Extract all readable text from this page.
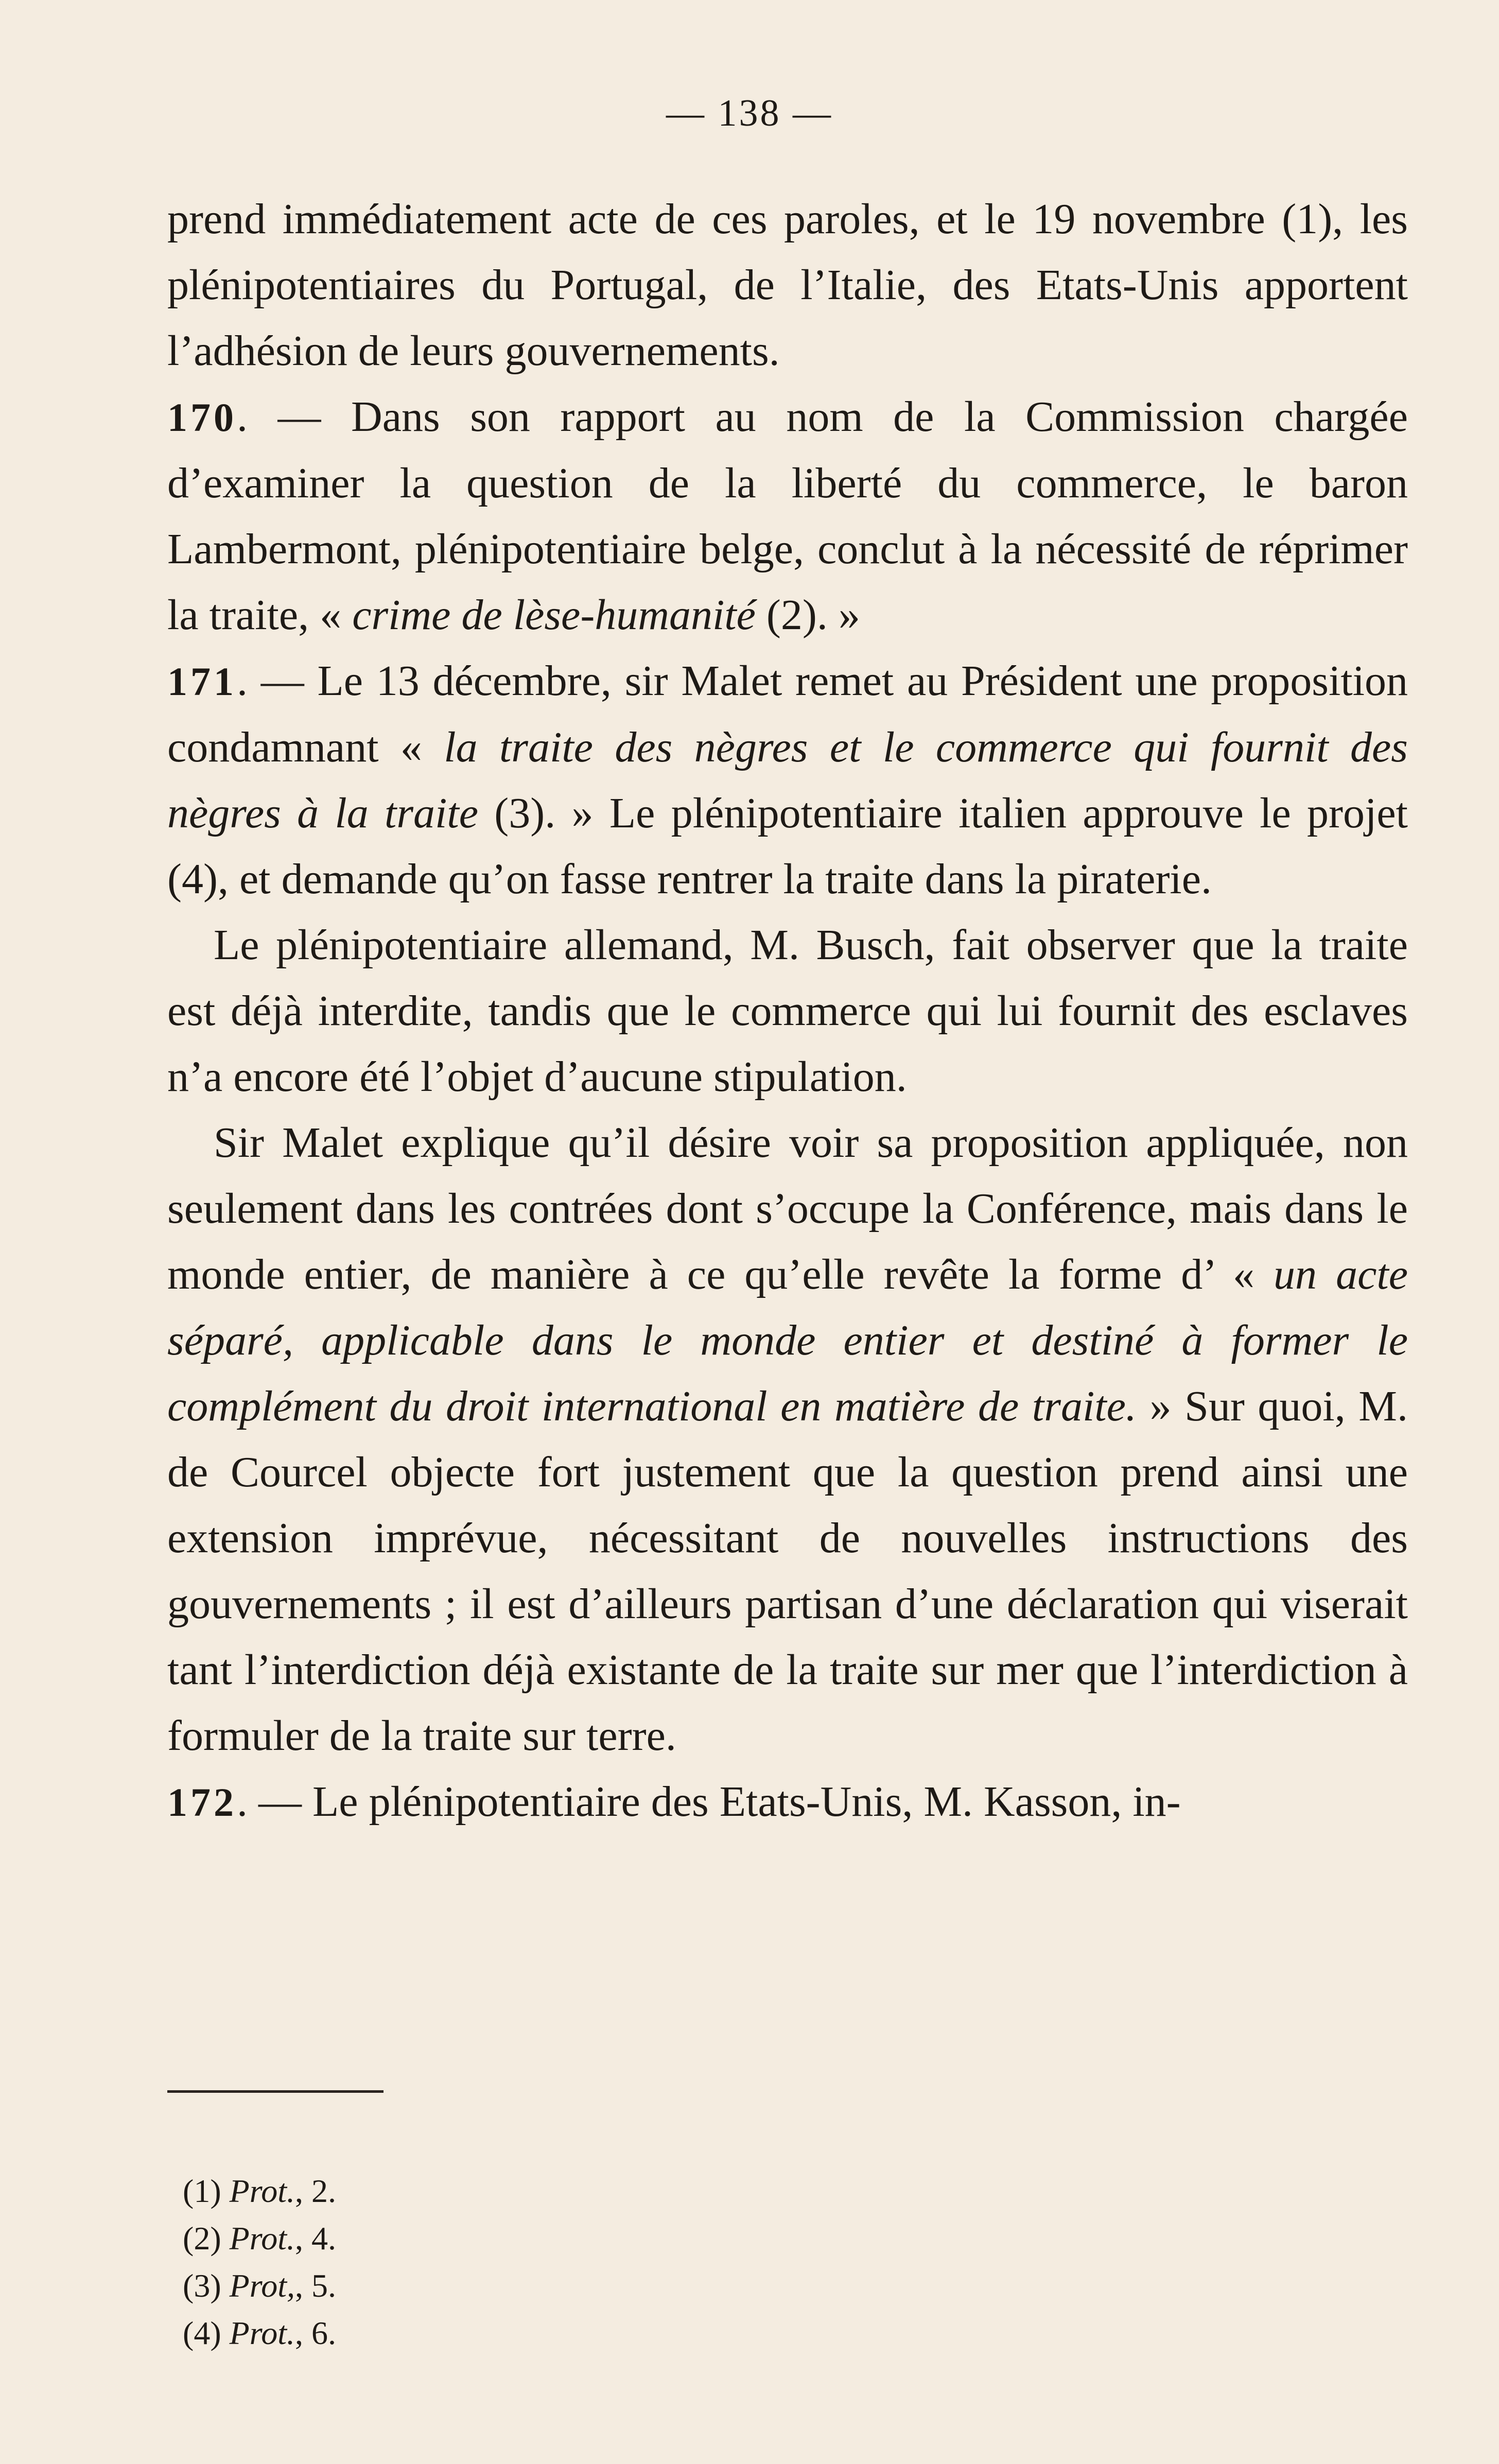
— 138 —

prend immédiatement acte de ces paroles, et le 19 novembre (1), les plénipotentiaires du Portugal, de l’Italie, des Etats-Unis apportent l’adhésion de leurs gouvernements.

170. — Dans son rapport au nom de la Commission chargée d’examiner la question de la liberté du commerce, le baron Lambermont, plénipotentiaire belge, conclut à la nécessité de réprimer la traite, « crime de lèse-humanité (2). »

171. — Le 13 décembre, sir Malet remet au Président une proposition condamnant « la traite des nègres et le commerce qui fournit des nègres à la traite (3). » Le plénipotentiaire italien approuve le projet (4), et demande qu’on fasse rentrer la traite dans la piraterie.

Le plénipotentiaire allemand, M. Busch, fait observer que la traite est déjà interdite, tandis que le commerce qui lui fournit des esclaves n’a encore été l’objet d’aucune stipulation.

Sir Malet explique qu’il désire voir sa proposition appliquée, non seulement dans les contrées dont s’occupe la Conférence, mais dans le monde entier, de manière à ce qu’elle revête la forme d’ « un acte séparé, applicable dans le monde entier et destiné à former le complément du droit international en matière de traite. » Sur quoi, M. de Courcel objecte fort justement que la question prend ainsi une extension imprévue, nécessitant de nouvelles instructions des gouvernements ; il est d’ailleurs partisan d’une déclaration qui viserait tant l’interdiction déjà existante de la traite sur mer que l’interdiction à formuler de la traite sur terre.

172. — Le plénipotentiaire des Etats-Unis, M. Kasson, in-

(1) Prot., 2.
(2) Prot., 4.
(3) Prot,, 5.
(4) Prot., 6.
